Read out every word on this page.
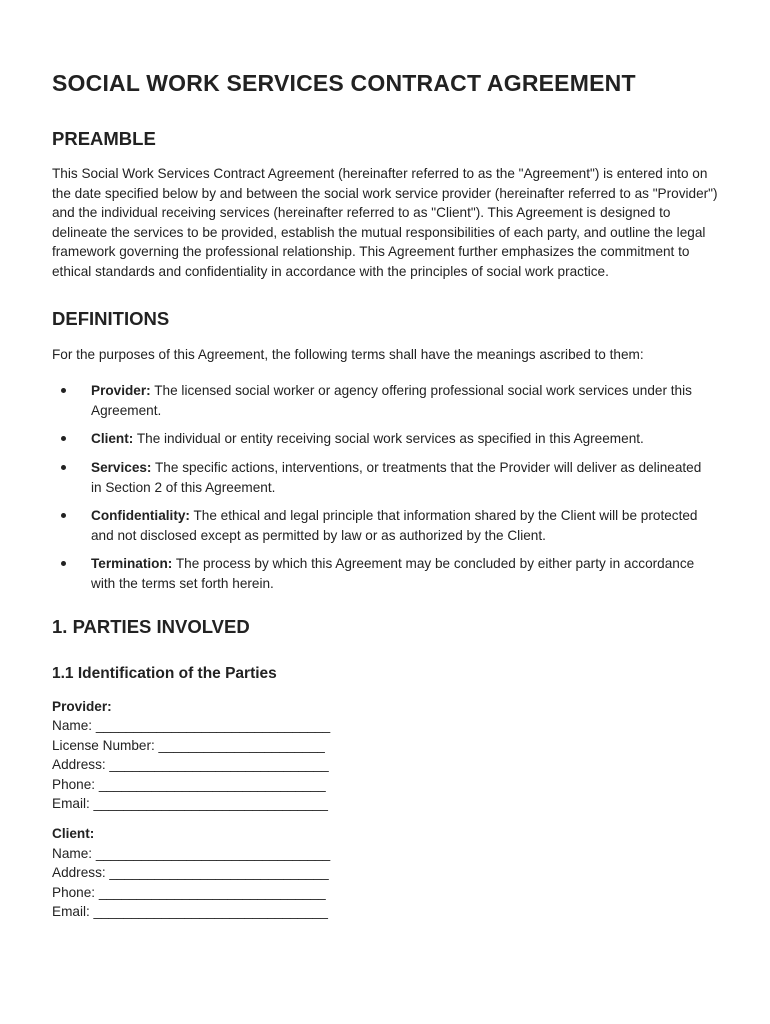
SOCIAL WORK SERVICES CONTRACT AGREEMENT
PREAMBLE

This Social Work Services Contract Agreement (hereinafter referred to as the "Agreement") is entered into on the date specified below by and between the social work service provider (hereinafter referred to as "Provider") and the individual receiving services (hereinafter referred to as "Client"). This Agreement is designed to delineate the services to be provided, establish the mutual responsibilities of each party, and outline the legal framework governing the professional relationship. This Agreement further emphasizes the commitment to ethical standards and confidentiality in accordance with the principles of social work practice.

DEFINITIONS

For the purposes of this Agreement, the following terms shall have the meanings ascribed to them:

Provider: The licensed social worker or agency offering professional social work services under this Agreement.
Client: The individual or entity receiving social work services as specified in this Agreement.
Services: The specific actions, interventions, or treatments that the Provider will deliver as delineated in Section 2 of this Agreement.
Confidentiality: The ethical and legal principle that information shared by the Client will be protected and not disclosed except as permitted by law or as authorized by the Client.
Termination: The process by which this Agreement may be concluded by either party in accordance with the terms set forth herein.
1. PARTIES INVOLVED
1.1 Identification of the Parties
Provider:
Name: _______________________________
License Number: ______________________
Address: _____________________________
Phone: ______________________________
Email: _______________________________
Client:
Name: _______________________________
Address: _____________________________
Phone: ______________________________
Email: _______________________________
